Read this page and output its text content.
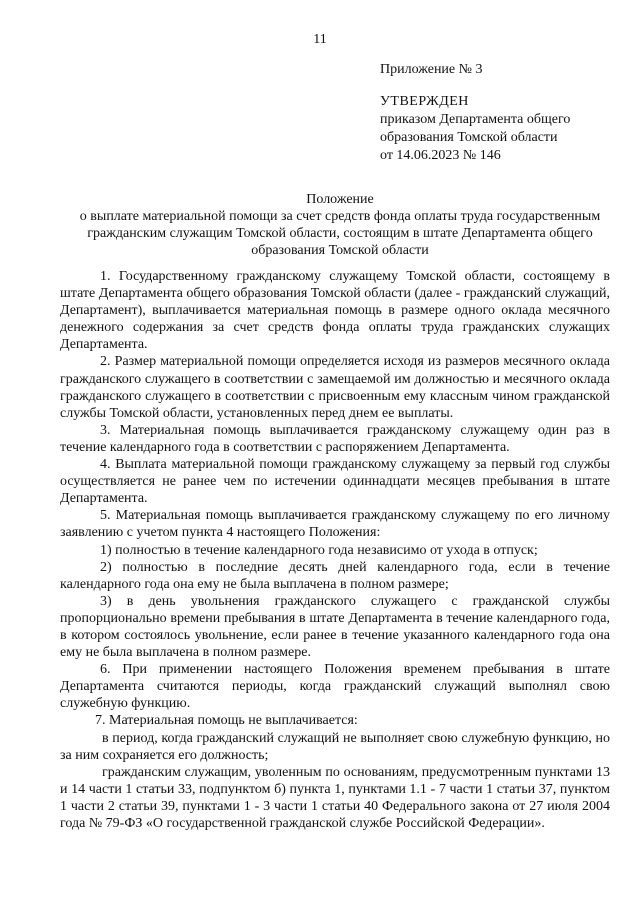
11
Приложение № 3
УТВЕРЖДЕН
приказом Департамента общего
образования Томской области
от 14.06.2023 № 146
Положение
о выплате материальной помощи за счет средств фонда оплаты труда государственным
гражданским служащим Томской области, состоящим в штате Департамента общего
образования Томской области

1. Государственному гражданскому служащему Томской области, состоящему в штате Департамента общего образования Томской области (далее - гражданский служащий, Департамент), выплачивается материальная помощь в размере одного оклада месячного денежного содержания за счет средств фонда оплаты труда гражданских служащих Департамента.

2. Размер материальной помощи определяется исходя из размеров месячного оклада гражданского служащего в соответствии с замещаемой им должностью и месячного оклада гражданского служащего в соответствии с присвоенным ему классным чином гражданской службы Томской области, установленных перед днем ее выплаты.

3. Материальная помощь выплачивается гражданскому служащему один раз в течение календарного года в соответствии с распоряжением Департамента.

4. Выплата материальной помощи гражданскому служащему за первый год службы осуществляется не ранее чем по истечении одиннадцати месяцев пребывания в штате Департамента.

5. Материальная помощь выплачивается гражданскому служащему по его личному заявлению с учетом пункта 4 настоящего Положения:

1) полностью в течение календарного года независимо от ухода в отпуск;

2) полностью в последние десять дней календарного года, если в течение календарного года она ему не была выплачена в полном размере;

3) в день увольнения гражданского служащего с гражданской службы пропорционально времени пребывания в штате Департамента в течение календарного года, в котором состоялось увольнение, если ранее в течение указанного календарного года она ему не была выплачена в полном размере.

6. При применении настоящего Положения временем пребывания в штате Департамента считаются периоды, когда гражданский служащий выполнял свою служебную функцию.

7. Материальная помощь не выплачивается:

в период, когда гражданский служащий не выполняет свою служебную функцию, но за ним сохраняется его должность;

гражданским служащим, уволенным по основаниям, предусмотренным пунктами 13 и 14 части 1 статьи 33, подпунктом б) пункта 1, пунктами 1.1 - 7 части 1 статьи 37, пунктом 1 части 2 статьи 39, пунктами 1 - 3 части 1 статьи 40 Федерального закона от 27 июля 2004 года № 79-ФЗ «О государственной гражданской службе Российской Федерации».
